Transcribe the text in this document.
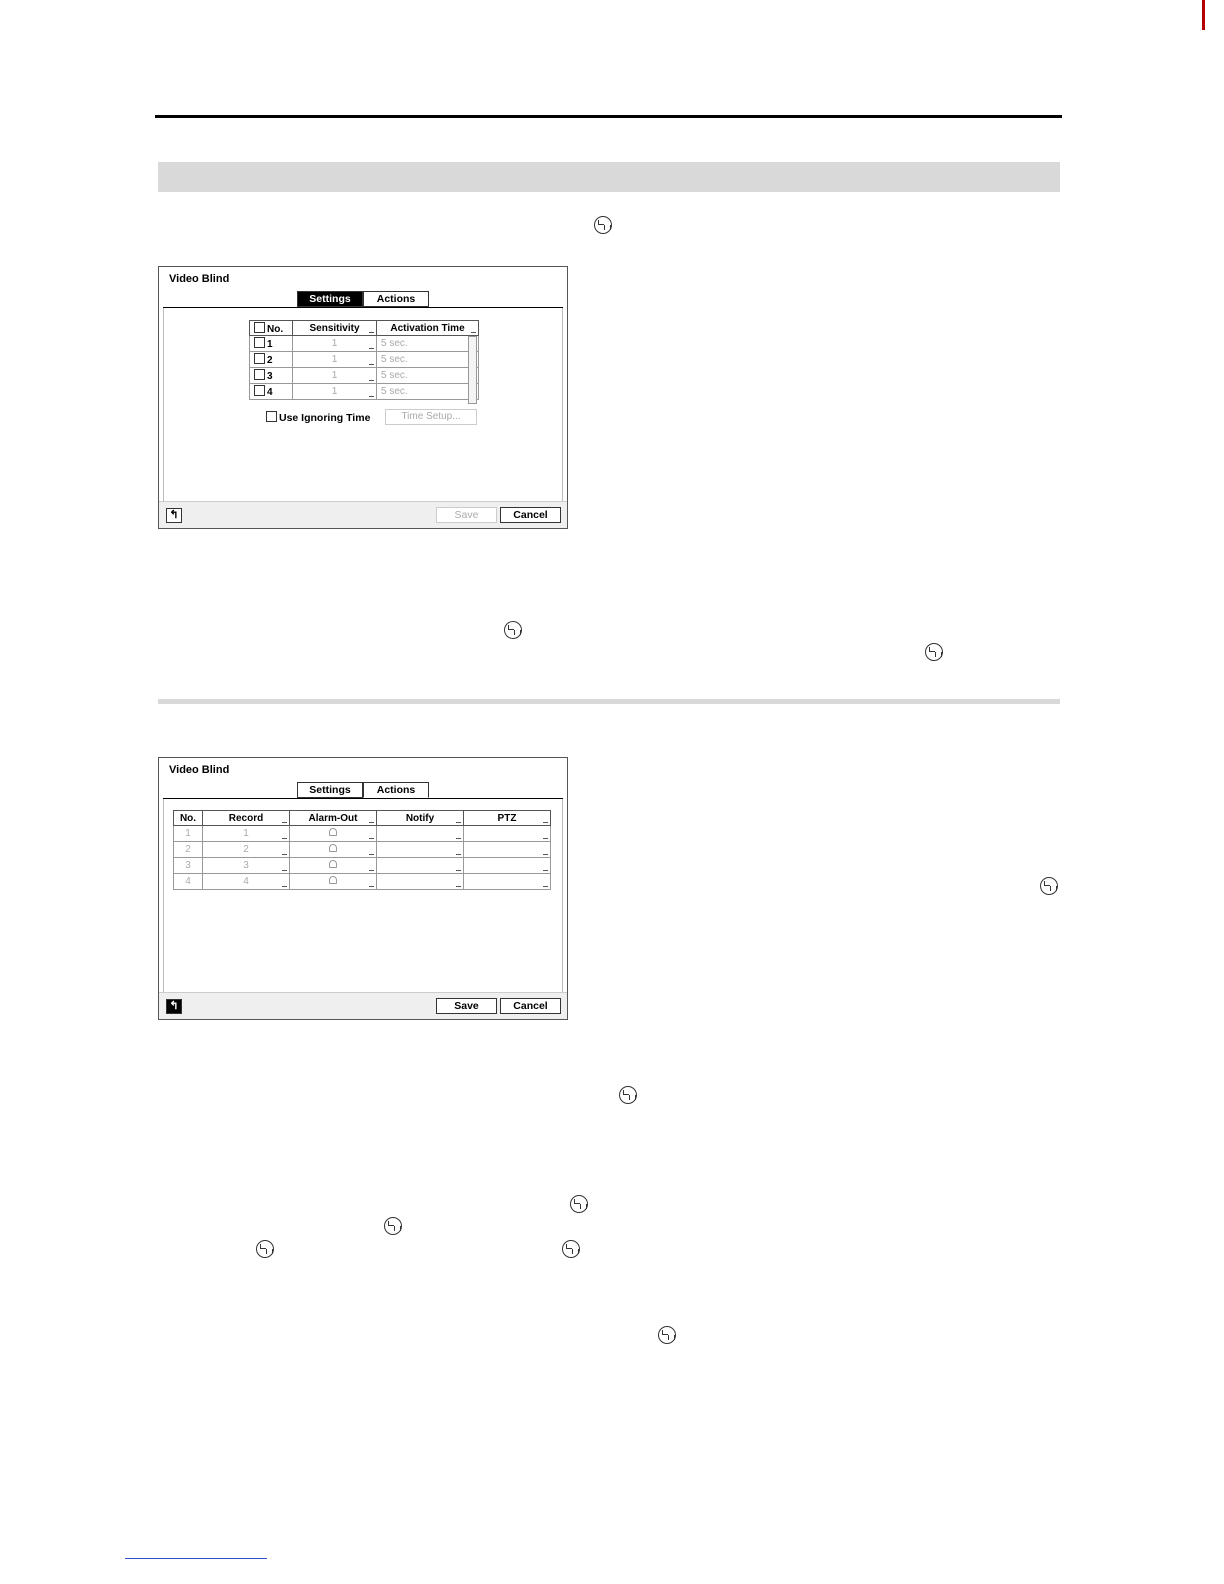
Video Blind
Settings	Actions
No.	Sensitivity	Activation Time
1	1	5 sec.
2	1	5 sec.
3	1	5 sec.
4	1	5 sec.
Use Ignoring Time	Time Setup...
↰	Save	Cancel
Video Blind
Settings	Actions
No.	Record	Alarm-Out	Notify	PTZ
1	1			
2	2			
3	3			
4	4			
↰	Save	Cancel
